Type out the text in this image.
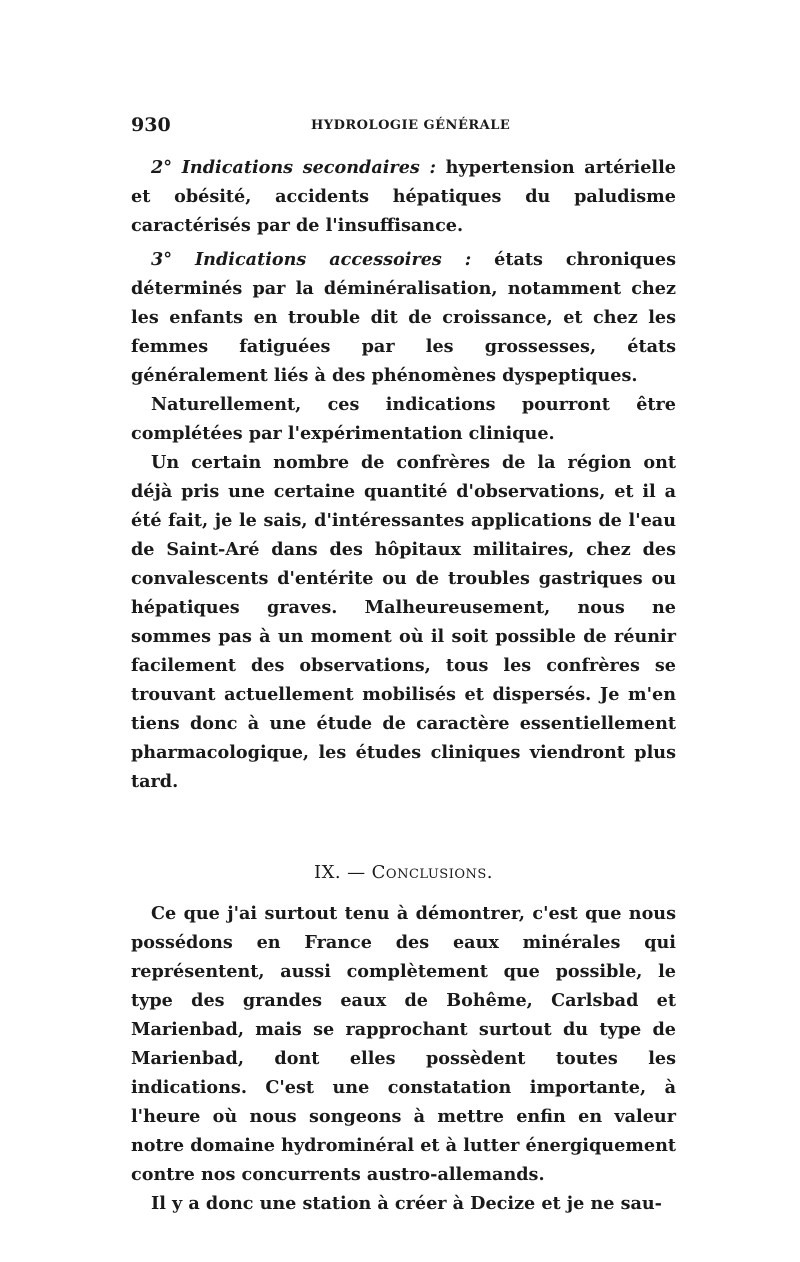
930	HYDROLOGIE GÉNÉRALE

2° Indications secondaires : hypertension artérielle et obésité, accidents hépatiques du paludisme caractérisés par de l'insuffisance.

3° Indications accessoires : états chroniques déterminés par la déminéralisation, notamment chez les enfants en trouble dit de croissance, et chez les femmes fatiguées par les grossesses, états généralement liés à des phénomènes dyspeptiques.

Naturellement, ces indications pourront être complétées par l'expérimentation clinique.

Un certain nombre de confrères de la région ont déjà pris une certaine quantité d'observations, et il a été fait, je le sais, d'intéressantes applications de l'eau de Saint-Aré dans des hôpitaux militaires, chez des convalescents d'entérite ou de troubles gastriques ou hépatiques graves. Malheureusement, nous ne sommes pas à un moment où il soit possible de réunir facilement des observations, tous les confrères se trouvant actuellement mobilisés et dispersés. Je m'en tiens donc à une étude de caractère essentiellement pharmacologique, les études cliniques viendront plus tard.

IX. — Conclusions.

Ce que j'ai surtout tenu à démontrer, c'est que nous possédons en France des eaux minérales qui représentent, aussi complètement que possible, le type des grandes eaux de Bohême, Carlsbad et Marienbad, mais se rapprochant surtout du type de Marienbad, dont elles possèdent toutes les indications. C'est une constatation importante, à l'heure où nous songeons à mettre enfin en valeur notre domaine hydrominéral et à lutter énergiquement contre nos concurrents austro-allemands.

Il y a donc une station à créer à Decize et je ne sau-
